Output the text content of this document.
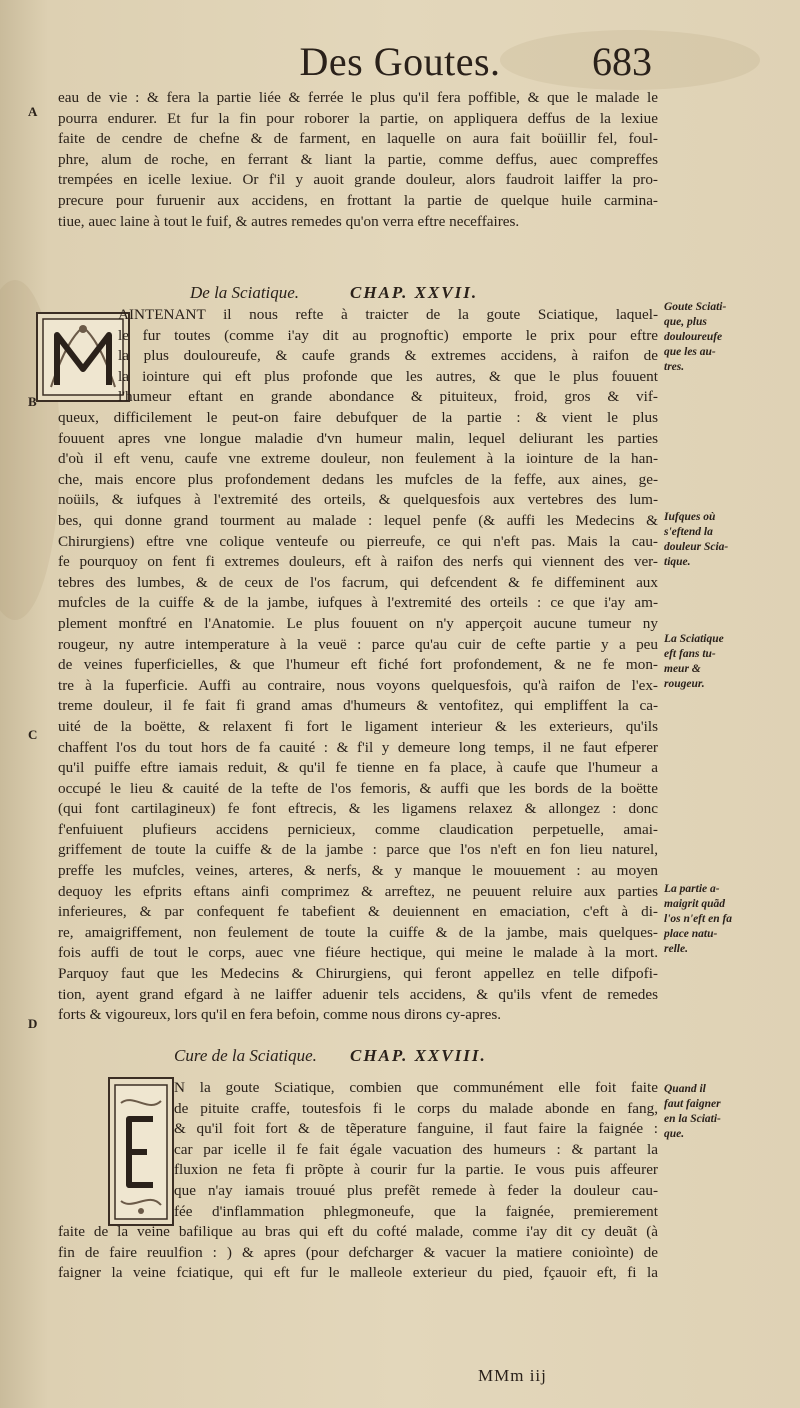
Des Goutes.	683
eau de vie : & fera la partie liée & ferrée le plus qu'il fera poffible, & que le malade le
pourra endurer. Et fur la fin pour roborer la partie, on appliquera deffus de la lexiue
faite de cendre de chefne & de farment, en laquelle on aura fait boüillir fel, foul-
phre, alum de roche, en ferrant & liant la partie, comme deffus, auec compreffes
trempées en icelle lexiue. Or f'il y auoit grande douleur, alors faudroit laiffer la pro-
precure pour furuenir aux accidens, en frottant la partie de quelque huile carmina-
tiue, auec laine à tout le fuif, & autres remedes qu'on verra eftre neceffaires.
De la Sciatique.	CHAP. XXVII.
AINTENANT il nous refte à traicter de la goute Sciatique, laquel-
le fur toutes (comme i'ay dit au prognoftic) emporte le prix pour eftre
la plus douloureufe, & caufe grands & extremes accidens, à raifon de
la iointure qui eft plus profonde que les autres, & que le plus fouuent
l'humeur eftant en grande abondance & pituiteux, froid, gros & vif-
queux, difficilement le peut-on faire debufquer de la partie : & vient le plus
fouuent apres vne longue maladie d'vn humeur malin, lequel deliurant les parties
d'où il eft venu, caufe vne extreme douleur, non feulement à la iointure de la han-
che, mais encore plus profondement dedans les mufcles de la feffe, aux aines, ge-
noüils, & iufques à l'extremité des orteils, & quelquesfois aux vertebres des lum-
bes, qui donne grand tourment au malade : lequel penfe (& auffi les Medecins &
Chirurgiens) eftre vne colique venteufe ou pierreufe, ce qui n'eft pas. Mais la cau-
fe pourquoy on fent fi extremes douleurs, eft à raifon des nerfs qui viennent des ver-
tebres des lumbes, & de ceux de l'os facrum, qui defcendent & fe diffeminent aux
mufcles de la cuiffe & de la jambe, iufques à l'extremité des orteils : ce que i'ay am-
plement monftré en l'Anatomie. Le plus fouuent on n'y apperçoit aucune tumeur ny
rougeur, ny autre intemperature à la veuë : parce qu'au cuir de cefte partie y a peu
de veines fuperficielles, & que l'humeur eft fiché fort profondement, & ne fe mon-
tre à la fuperficie. Auffi au contraire, nous voyons quelquesfois, qu'à raifon de l'ex-
treme douleur, il fe fait fi grand amas d'humeurs & ventofitez, qui empliffent la ca-
uité de la boëtte, & relaxent fi fort le ligament interieur & les exterieurs, qu'ils
chaffent l'os du tout hors de fa cauité : & f'il y demeure long temps, il ne faut efperer
qu'il puiffe eftre iamais reduit, & qu'il fe tienne en fa place, à caufe que l'humeur a
occupé le lieu & cauité de la tefte de l'os femoris, & auffi que les bords de la boëtte
(qui font cartilagineux) fe font eftrecis, & les ligamens relaxez & allongez : donc
f'enfuiuent plufieurs accidens pernicieux, comme claudication perpetuelle, amai-
griffement de toute la cuiffe & de la jambe : parce que l'os n'eft en fon lieu naturel,
preffe les mufcles, veines, arteres, & nerfs, & y manque le mouuement : au moyen
dequoy les efprits eftans ainfi comprimez & arreftez, ne peuuent reluire aux parties
inferieures, & par confequent fe tabefient & deuiennent en emaciation, c'eft à di-
re, amaigriffement, non feulement de toute la cuiffe & de la jambe, mais quelques-
fois auffi de tout le corps, auec vne fiéure hectique, qui meine le malade à la mort.
Parquoy faut que les Medecins & Chirurgiens, qui feront appellez en telle difpofi-
tion, ayent grand efgard à ne laiffer aduenir tels accidens, & qu'ils vfent de remedes
forts & vigoureux, lors qu'il en fera befoin, comme nous dirons cy-apres.
Cure de la Sciatique. CHAP. XXVIII.
N la goute Sciatique, combien que communément elle foit faite
de pituite craffe, toutesfois fi le corps du malade abonde en fang,
& qu'il foit fort & de tẽperature fanguine, il faut faire la faignée :
car par icelle il fe fait égale vacuation des humeurs : & partant la
fluxion ne feta fi prõpte à courir fur la partie. Ie vous puis affeurer
que n'ay iamais trouué plus prefẽt remede à feder la douleur cau-
fée d'inflammation phlegmoneufe, que la faignée, premierement
faite de la veine bafilique au bras qui eft du cofté malade, comme i'ay dit cy deuãt (à
fin de faire reuulfion : ) & apres (pour defcharger & vacuer la matiere conioìnte) de
faigner la veine fciatique, qui eft fur le malleole exterieur du pied, fçauoir eft, fi la
Goute Sciati-
que, plus
douloureufe
que les au-
tres.
Iufques où
s'eftend la
douleur Scia-
tique.
La Sciatique
eft fans tu-
meur &
rougeur.
La partie a-
maigrit quãd
l'os n'eft en fa
place natu-
relle.
Quand il
faut faigner
en la Sciati-
que.
A
B
C
D
MMm iij
